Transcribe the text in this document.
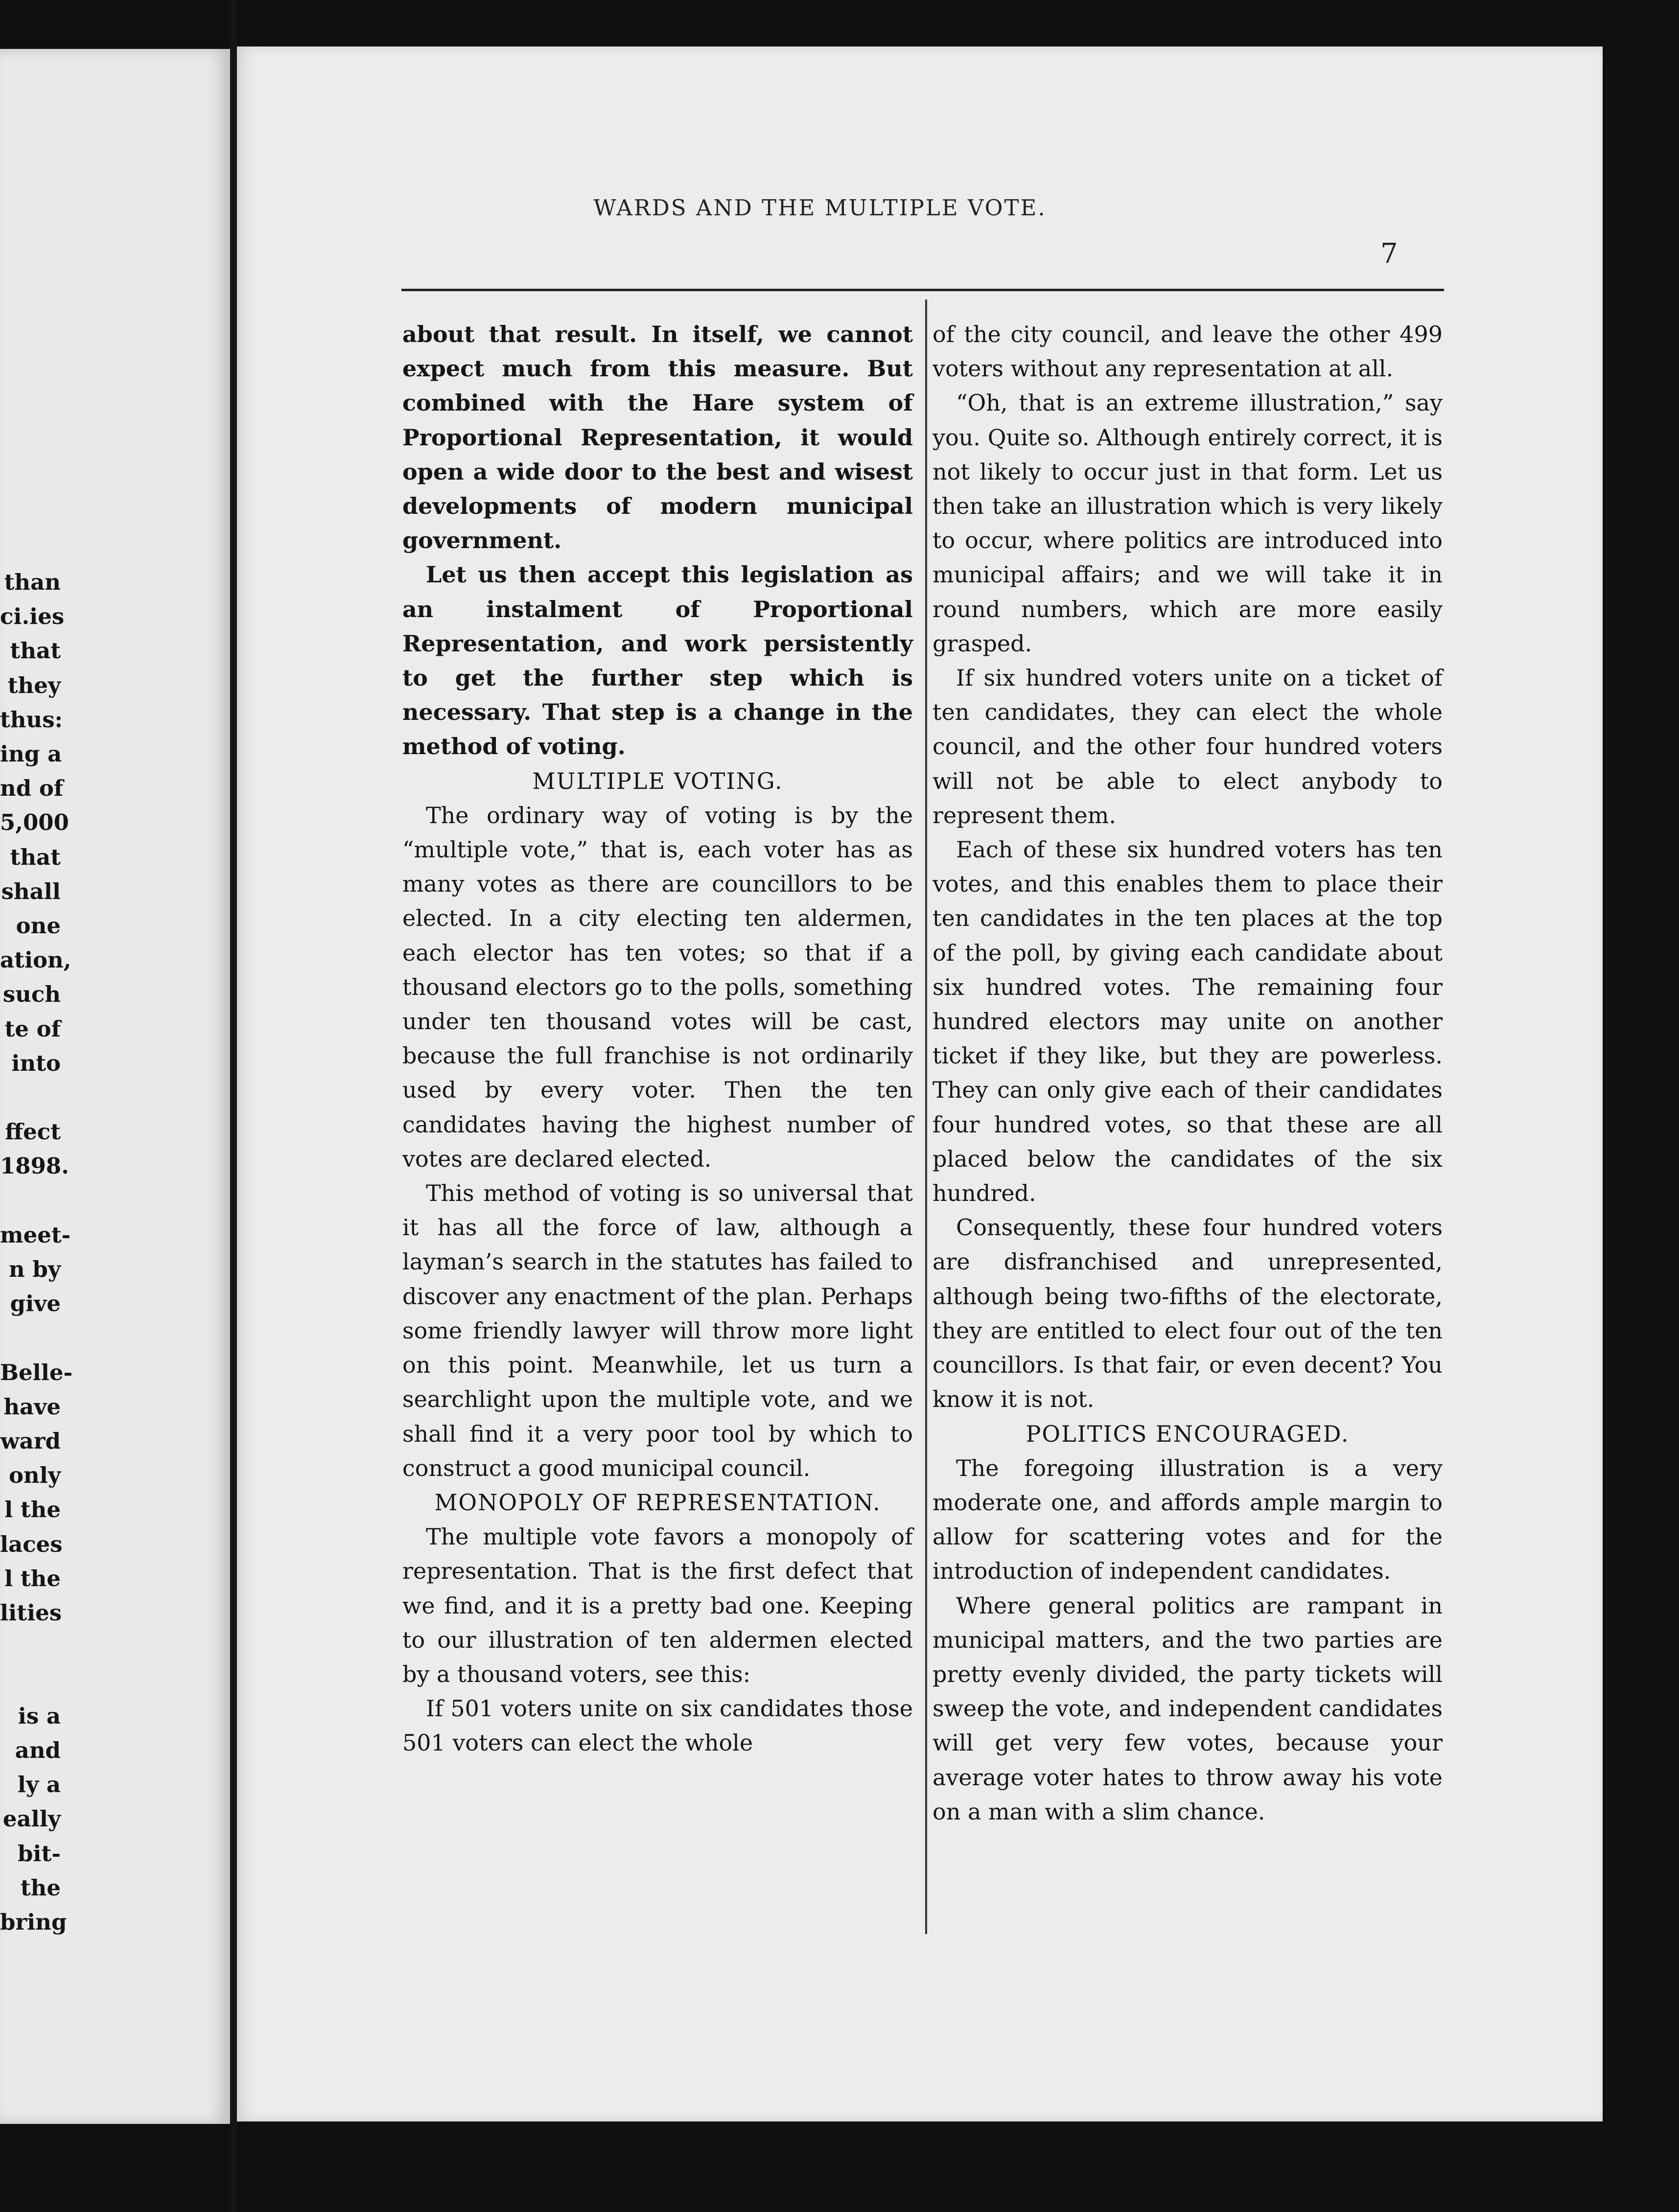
than
ci.ies
that
they
thus:
ing a
nd of
5,000
that
shall
one
ation,
such
te of
into

ffect
1898.

meet-
n by
give

Belle-
have
ward
only
l the
laces
l the
lities

is a
and
ly a
eally
bit-
the
bring
WARDS AND THE MULTIPLE VOTE.
7

about that result. In itself, we cannot expect much from this measure. But combined with the Hare system of Proportional Representation, it would open a wide door to the best and wisest developments of modern municipal government.

Let us then accept this legislation as an instalment of Proportional Representation, and work persistently to get the further step which is necessary. That step is a change in the method of voting.

MULTIPLE VOTING.

The ordinary way of voting is by the “multiple vote,” that is, each voter has as many votes as there are councillors to be elected. In a city electing ten aldermen, each elector has ten votes; so that if a thousand electors go to the polls, something under ten thousand votes will be cast, because the full franchise is not ordinarily used by every voter. Then the ten candidates having the highest number of votes are declared elected.

This method of voting is so universal that it has all the force of law, although a layman’s search in the statutes has failed to discover any enactment of the plan. Perhaps some friendly lawyer will throw more light on this point. Meanwhile, let us turn a searchlight upon the multiple vote, and we shall find it a very poor tool by which to construct a good municipal council.

MONOPOLY OF REPRESENTATION.

The multiple vote favors a monopoly of representation. That is the first defect that we find, and it is a pretty bad one. Keeping to our illustration of ten aldermen elected by a thousand voters, see this:

If 501 voters unite on six candidates those 501 voters can elect the whole

of the city council, and leave the other 499 voters without any representation at all.

“Oh, that is an extreme illustration,” say you. Quite so. Although entirely correct, it is not likely to occur just in that form. Let us then take an illustration which is very likely to occur, where politics are introduced into municipal affairs; and we will take it in round numbers, which are more easily grasped.

If six hundred voters unite on a ticket of ten candidates, they can elect the whole council, and the other four hundred voters will not be able to elect anybody to represent them.

Each of these six hundred voters has ten votes, and this enables them to place their ten candidates in the ten places at the top of the poll, by giving each candidate about six hundred votes. The remaining four hundred electors may unite on another ticket if they like, but they are powerless. They can only give each of their candidates four hundred votes, so that these are all placed below the candidates of the six hundred.

Consequently, these four hundred voters are disfranchised and unrepresented, although being two-fifths of the electorate, they are entitled to elect four out of the ten councillors. Is that fair, or even decent? You know it is not.

POLITICS ENCOURAGED.

The foregoing illustration is a very moderate one, and affords ample margin to allow for scattering votes and for the introduction of independent candidates.

Where general politics are rampant in municipal matters, and the two parties are pretty evenly divided, the party tickets will sweep the vote, and independent candidates will get very few votes, because your average voter hates to throw away his vote on a man with a slim chance.
